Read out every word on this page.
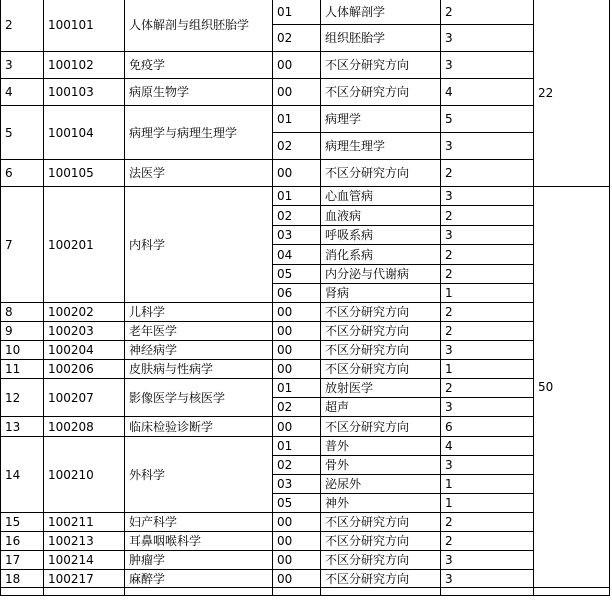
2	100101	人体解剖与组织胚胎学	01	人体解剖学	2	22
			02	组织胚胎学	3	
3	100102	免疫学	00	不区分研究方向	3	
4	100103	病原生物学	00	不区分研究方向	4	
5	100104	病理学与病理生理学	01	病理学	5	
			02	病理生理学	3	
6	100105	法医学	00	不区分研究方向	2	
7	100201	内科学	01	心血管病	3	50
			02	血液病	2	
			03	呼吸系病	3	
			04	消化系病	2	
			05	内分泌与代谢病	2	
			06	肾病	1	
8	100202	儿科学	00	不区分研究方向	2	
9	100203	老年医学	00	不区分研究方向	2	
10	100204	神经病学	00	不区分研究方向	3	
11	100206	皮肤病与性病学	00	不区分研究方向	1	
12	100207	影像医学与核医学	01	放射医学	2	
			02	超声	3	
13	100208	临床检验诊断学	00	不区分研究方向	6	
14	100210	外科学	01	普外	4	
			02	骨外	3	
			03	泌尿外	1	
			05	神外	1	
15	100211	妇产科学	00	不区分研究方向	2	
16	100213	耳鼻咽喉科学	00	不区分研究方向	2	
17	100214	肿瘤学	00	不区分研究方向	3	
18	100217	麻醉学	00	不区分研究方向	3	
